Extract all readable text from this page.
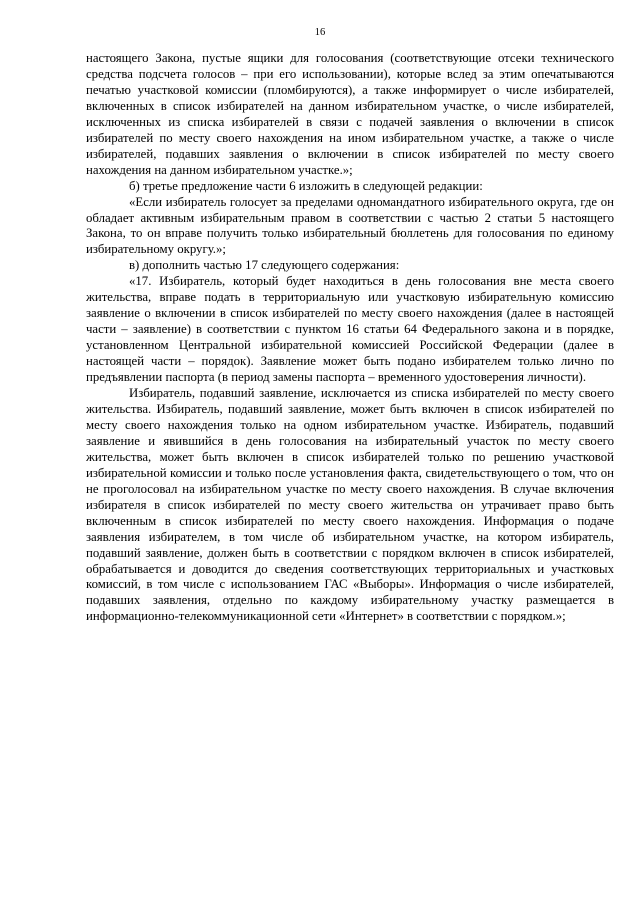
16

настоящего Закона, пустые ящики для голосования (соответствующие отсеки технического средства подсчета голосов – при его использовании), которые вслед за этим опечатываются печатью участковой комиссии (пломбируются), а также информирует о числе избирателей, включенных в список избирателей на данном избирательном участке, о числе избирателей, исключенных из списка избирателей в связи с подачей заявления о включении в список избирателей по месту своего нахождения на ином избирательном участке, а также о числе избирателей, подавших заявления о включении в список избирателей по месту своего нахождения на данном избирательном участке.»;

б) третье предложение части 6 изложить в следующей редакции:

«Если избиратель голосует за пределами одномандатного избирательного округа, где он обладает активным избирательным правом в соответствии с частью 2 статьи 5 настоящего Закона, то он вправе получить только избирательный бюллетень для голосования по единому избирательному округу.»;

в) дополнить частью 17 следующего содержания:

«17. Избиратель, который будет находиться в день голосования вне места своего жительства, вправе подать в территориальную или участковую избирательную комиссию заявление о включении в список избирателей по месту своего нахождения (далее в настоящей части – заявление) в соответствии с пунктом 16 статьи 64 Федерального закона и в порядке, установленном Центральной избирательной комиссией Российской Федерации (далее в настоящей части – порядок). Заявление может быть подано избирателем только лично по предъявлении паспорта (в период замены паспорта – временного удостоверения личности).

Избиратель, подавший заявление, исключается из списка избирателей по месту своего жительства. Избиратель, подавший заявление, может быть включен в список избирателей по месту своего нахождения только на одном избирательном участке. Избиратель, подавший заявление и явившийся в день голосования на избирательный участок по месту своего жительства, может быть включен в список избирателей только по решению участковой избирательной комиссии и только после установления факта, свидетельствующего о том, что он не проголосовал на избирательном участке по месту своего нахождения. В случае включения избирателя в список избирателей по месту своего жительства он утрачивает право быть включенным в список избирателей по месту своего нахождения. Информация о подаче заявления избирателем, в том числе об избирательном участке, на котором избиратель, подавший заявление, должен быть в соответствии с порядком включен в список избирателей, обрабатывается и доводится до сведения соответствующих территориальных и участковых комиссий, в том числе с использованием ГАС «Выборы». Информация о числе избирателей, подавших заявления, отдельно по каждому избирательному участку размещается в информационно-телекоммуникационной сети «Интернет» в соответствии с порядком.»;
